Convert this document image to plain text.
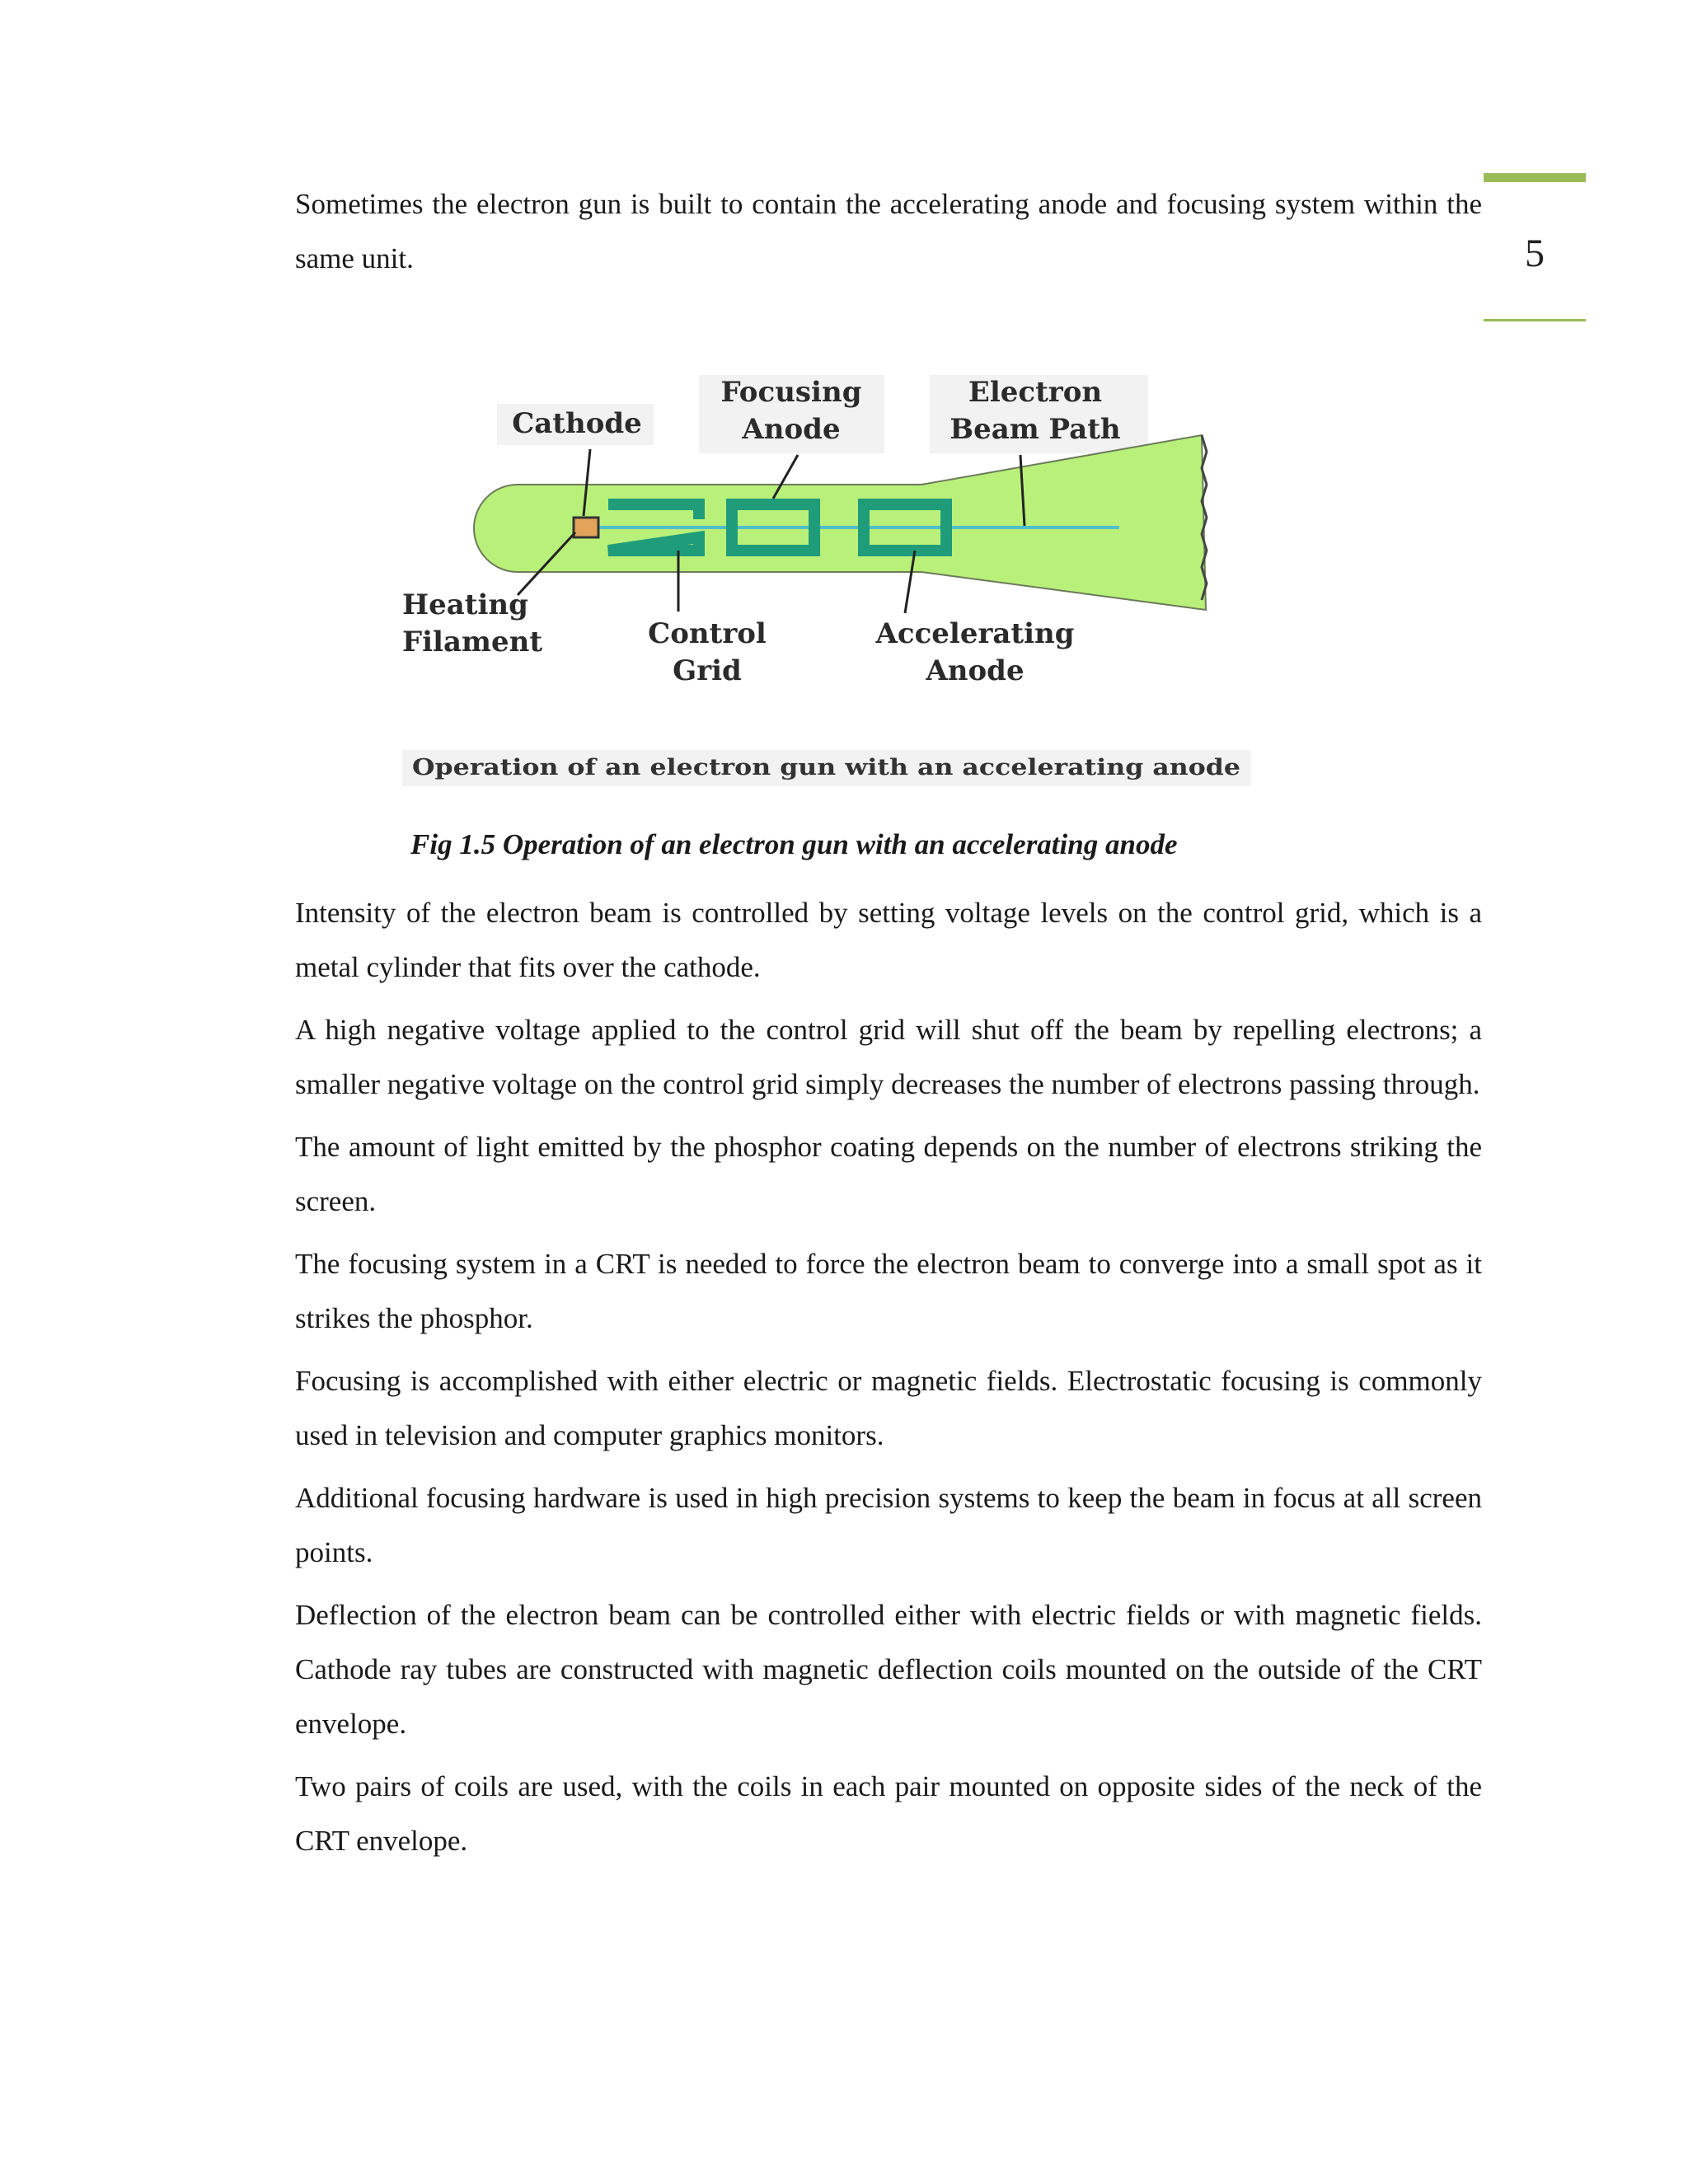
5

Sometimes the electron gun is built to contain the accelerating anode and focusing system within the same unit.

Cathode
Focusing
Anode
Electron
Beam Path
Heating
Filament	Control
Grid
Accelerating
Anode
Operation of an electron gun with an accelerating anode
Fig 1.5 Operation of an electron gun with an accelerating anode

Intensity of the electron beam is controlled by setting voltage levels on the control grid, which is a metal cylinder that fits over the cathode.

A high negative voltage applied to the control grid will shut off the beam by repelling electrons; a smaller negative voltage on the control grid simply decreases the number of electrons passing through.

The amount of light emitted by the phosphor coating depends on the number of electrons striking the screen.

The focusing system in a CRT is needed to force the electron beam to converge into a small spot as it strikes the phosphor.

Focusing is accomplished with either electric or magnetic fields. Electrostatic focusing is commonly used in television and computer graphics monitors.

Additional focusing hardware is used in high precision systems to keep the beam in focus at all screen points.

Deflection of the electron beam can be controlled either with electric fields or with magnetic fields. Cathode ray tubes are constructed with magnetic deflection coils mounted on the outside of the CRT envelope.

Two pairs of coils are used, with the coils in each pair mounted on opposite sides of the neck of the CRT envelope.
